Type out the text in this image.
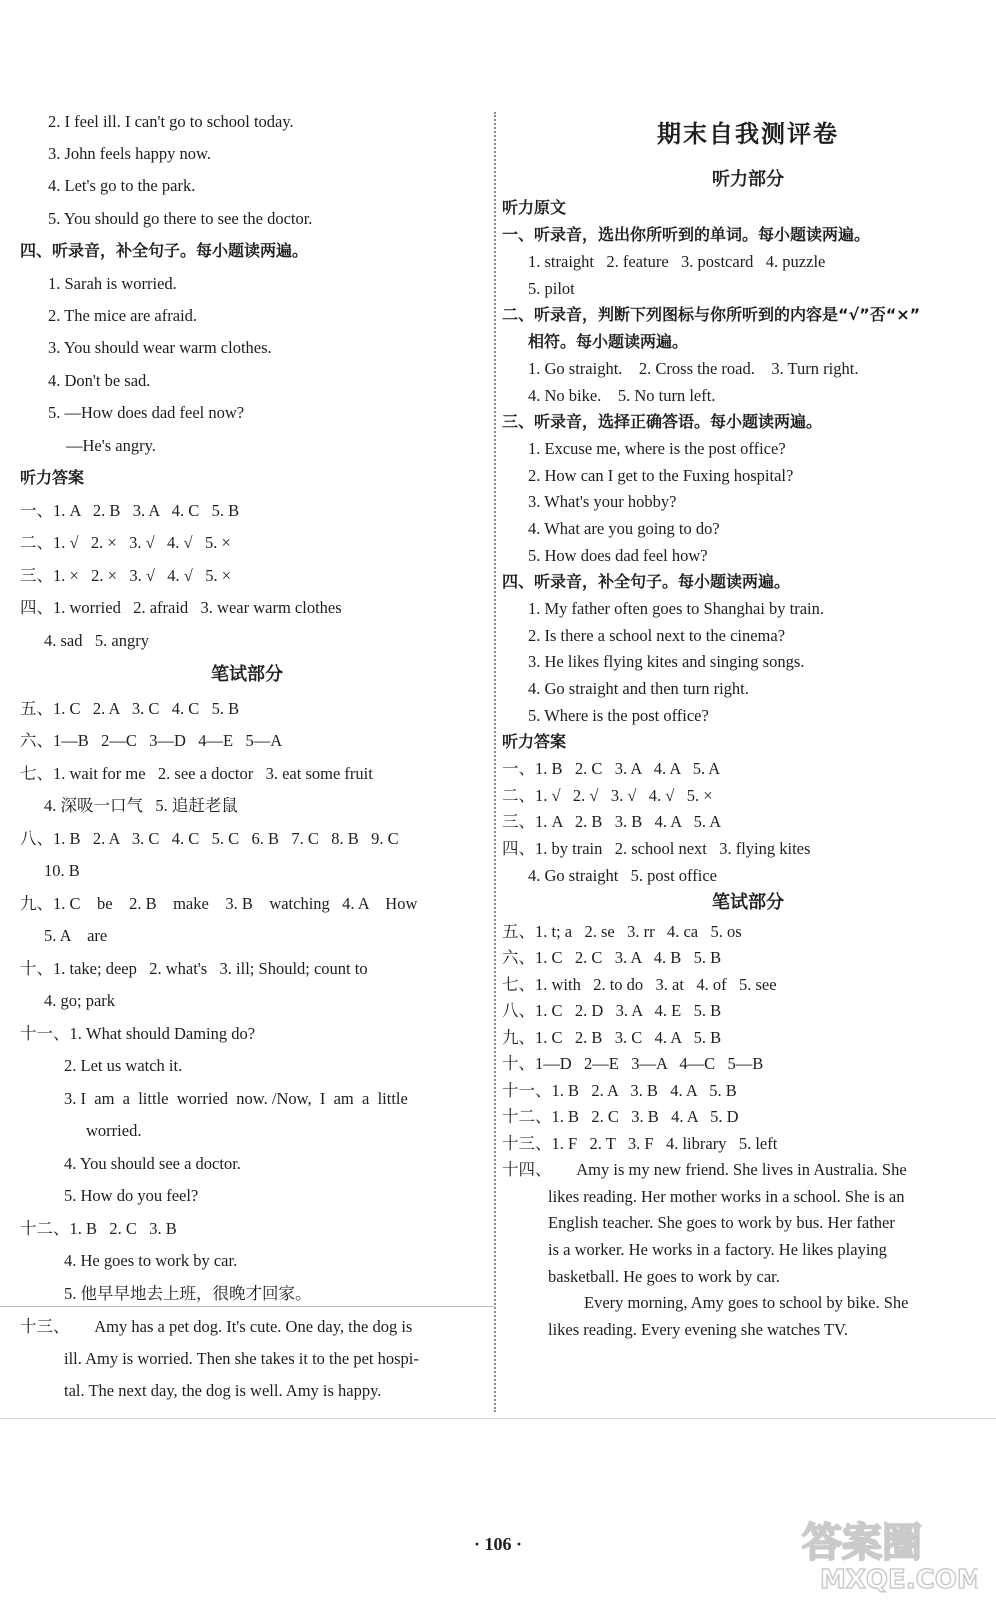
2. I feel ill. I can't go to school today.
3. John feels happy now.
4. Let's go to the park.
5. You should go there to see the doctor.
四、听录音，补全句子。每小题读两遍。
1. Sarah is worried.
2. The mice are afraid.
3. You should wear warm clothes.
4. Don't be sad.
5. —How does dad feel now?
—He's angry.
听力答案
一、1. A   2. B   3. A   4. C   5. B
二、1. √   2. ×   3. √   4. √   5. ×
三、1. ×   2. ×   3. √   4. √   5. ×
四、1. worried   2. afraid   3. wear warm clothes
4. sad   5. angry
笔试部分
五、1. C   2. A   3. C   4. C   5. B
六、1—B   2—C   3—D   4—E   5—A
七、1. wait for me   2. see a doctor   3. eat some fruit
4. 深吸一口气   5. 追赶老鼠
八、1. B   2. A   3. C   4. C   5. C   6. B   7. C   8. B   9. C
10. B
九、1. C    be    2. B    make    3. B    watching   4. A    How
5. A    are
十、1. take; deep   2. what's   3. ill; Should; count to
4. go; park
十一、1. What should Daming do?
2. Let us watch it.
3. I  am  a  little  worried  now. /Now,  I  am  a  little
worried.
4. You should see a doctor.
5. How do you feel?
十二、1. B   2. C   3. B
4. He goes to work by car.
5. 他早早地去上班，很晚才回家。
十三、      Amy has a pet dog. It's cute. One day, the dog is
ill. Amy is worried. Then she takes it to the pet hospi-
tal. The next day, the dog is well. Amy is happy.
期末自我测评卷
听力部分
听力原文
一、听录音，选出你所听到的单词。每小题读两遍。
1. straight   2. feature   3. postcard   4. puzzle
5. pilot
二、听录音，判断下列图标与你所听到的内容是“√”否“×”
相符。每小题读两遍。
1. Go straight.    2. Cross the road.    3. Turn right.
4. No bike.    5. No turn left.
三、听录音，选择正确答语。每小题读两遍。
1. Excuse me, where is the post office?
2. How can I get to the Fuxing hospital?
3. What's your hobby?
4. What are you going to do?
5. How does dad feel how?
四、听录音，补全句子。每小题读两遍。
1. My father often goes to Shanghai by train.
2. Is there a school next to the cinema?
3. He likes flying kites and singing songs.
4. Go straight and then turn right.
5. Where is the post office?
听力答案
一、1. B   2. C   3. A   4. A   5. A
二、1. √   2. √   3. √   4. √   5. ×
三、1. A   2. B   3. B   4. A   5. A
四、1. by train   2. school next   3. flying kites
4. Go straight   5. post office
笔试部分
五、1. t; a   2. se   3. rr   4. ca   5. os
六、1. C   2. C   3. A   4. B   5. B
七、1. with   2. to do   3. at   4. of   5. see
八、1. C   2. D   3. A   4. E   5. B
九、1. C   2. B   3. C   4. A   5. B
十、1—D   2—E   3—A   4—C   5—B
十一、1. B   2. A   3. B   4. A   5. B
十二、1. B   2. C   3. B   4. A   5. D
十三、1. F   2. T   3. F   4. library   5. left
十四、      Amy is my new friend. She lives in Australia. She
likes reading. Her mother works in a school. She is an
English teacher. She goes to work by bus. Her father
is a worker. He works in a factory. He likes playing
basketball. He goes to work by car.
Every morning, Amy goes to school by bike. She
likes reading. Every evening she watches TV.
· 106 ·	答案圈
MXQE.COM
